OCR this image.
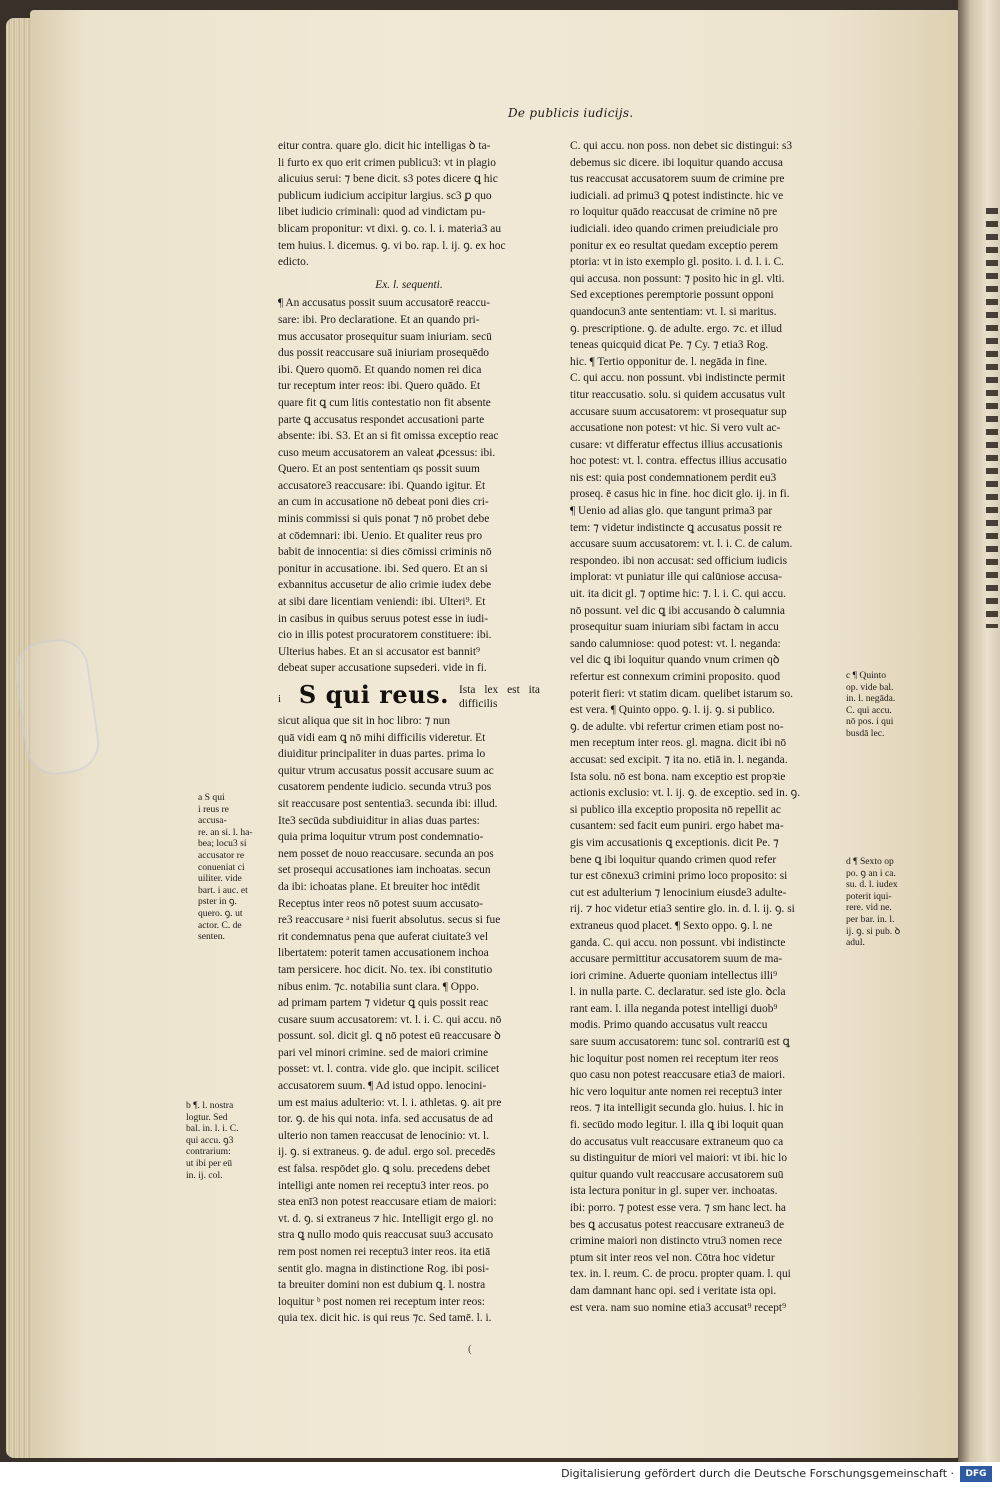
De publicis iudicijs.

eitur contra. quare glo. dicit hic intelligas ꝺ ta-

li furto ex quo erit crimen publicu3: vt in plagio

alicuius serui: ⁊ bene dicit. s3 potes dicere ꝗ hic

publicum iudicium accipitur largius. sc3 ꝑ quo

libet iudicio criminali: quod ad vindictam pu-

blicam proponitur: vt dixi. ꝯ. co. l. i. materia3 au

tem huius. l. dicemus. ꝯ. vi bo. rap. l. ij. ꝯ. ex hoc

edicto.

Ex. l. sequenti.

¶ An accusatus possit suum accusatorē reaccu-

sare: ibi. Pro declaratione. Et an quando pri-

mus accusator prosequitur suam iniuriam. secū

dus possit reaccusare suā iniuriam prosequēdo

ibi. Quero quomō. Et quando nomen rei dica

tur receptum inter reos: ibi. Quero quādo. Et

quare fit ꝗ cum litis contestatio non fit absente

parte ꝗ accusatus respondet accusationi parte

absente: ibi. S3. Et an si fit omissa exceptio reac

cuso meum accusatorem an valeat ꝓcessus: ibi.

Quero. Et an post sententiam qs possit suum

accusatore3 reaccusare: ibi. Quando igitur. Et

an cum in accusatione nō debeat poni dies cri-

minis commissi si quis ponat ⁊ nō probet debe

at cōdemnari: ibi. Uenio. Et qualiter reus pro

babit de innocentia: si dies cōmissi criminis nō

ponitur in accusatione. ibi. Sed quero. Et an si

exbannitus accusetur de alio crimie iudex debe

at sibi dare licentiam veniendi: ibi. Ulteri⁹. Et

in casibus in quibus seruus potest esse in iudi-

cio in illis potest procuratorem constituere: ibi.

Ulterius habes. Et an si accusator est bannit⁹

debeat super accusatione supsederi. vide in fi.

i S qui reus. Ista lex est ita difficilis

sicut aliqua que sit in hoc libro: ⁊ nun

quā vidi eam ꝗ nō mihi difficilis videretur. Et

diuiditur principaliter in duas partes. prima lo

quitur vtrum accusatus possit accusare suum ac

cusatorem pendente iudicio. secunda vtru3 pos

sit reaccusare post sententia3. secunda ibi: illud.

Ite3 secūda subdiuiditur in alias duas partes:

quia prima loquitur vtrum post condemnatio-

nem posset de nouo reaccusare. secunda an pos

set prosequi accusationes iam inchoatas. secun

da ibi: ichoatas plane. Et breuiter hoc intēdit

Receptus inter reos nō potest suum accusato-

re3 reaccusare ᵃ nisi fuerit absolutus. secus si fue

rit condemnatus pena que auferat ciuitate3 vel

libertatem: poterit tamen accusationem inchoa

tam persicere. hoc dicit. No. tex. ibi constitutio

nibus enim. ⁊c. notabilia sunt clara. ¶ Oppo.

ad primam partem ⁊ videtur ꝗ quis possit reac

cusare suum accusatorem: vt. l. i. C. qui accu. nō

possunt. sol. dicit gl. ꝗ nō potest eū reaccusare ꝺ

pari vel minori crimine. sed de maiori crimine

posset: vt. l. contra. vide glo. que incipit. scilicet

accusatorem suum. ¶ Ad istud oppo. lenocini-

um est maius adulterio: vt. l. i. athletas. ꝯ. ait pre

tor. ꝯ. de his qui nota. infa. sed accusatus de ad

ulterio non tamen reaccusat de lenocinio: vt. l.

ij. ꝯ. si extraneus. ꝯ. de adul. ergo sol. precedēs

est falsa. respōdet glo. ꝗ solu. precedens debet

intelligi ante nomen rei receptu3 inter reos. po

stea enī3 non potest reaccusare etiam de maiori:

vt. d. ꝯ. si extraneus ⁊ hic. Intelligit ergo gl. no

stra ꝗ nullo modo quis reaccusat suu3 accusato

rem post nomen rei receptu3 inter reos. ita etiā

sentit glo. magna in distinctione Rog. ibi posi-

ta breuiter domini non est dubium ꝗ. l. nostra

loquitur ᵇ post nomen rei receptum inter reos:

quia tex. dicit hic. is qui reus ⁊c. Sed tamē. l. i.

C. qui accu. non poss. non debet sic distingui: s3

debemus sic dicere. ibi loquitur quando accusa

tus reaccusat accusatorem suum de crimine pre

iudiciali. ad primu3 ꝗ potest indistincte. hic ve

ro loquitur quādo reaccusat de crimine nō pre

iudiciali. ideo quando crimen preiudiciale pro

ponitur ex eo resultat quedam exceptio perem

ptoria: vt in isto exemplo gl. posito. i. d. l. i. C.

qui accusa. non possunt: ⁊ posito hic in gl. vlti.

Sed exceptiones peremptorie possunt opponi

quandocun3 ante sententiam: vt. l. si maritus.

ꝯ. prescriptione. ꝯ. de adulte. ergo. ⁊c. et illud

teneas quicquid dicat Pe. ⁊ Cy. ⁊ etia3 Rog.

hic. ¶ Tertio opponitur de. l. negāda in fine.

C. qui accu. non possunt. vbi indistincte permit

titur reaccusatio. solu. si quidem accusatus vult

accusare suum accusatorem: vt prosequatur sup

accusatione non potest: vt hic. Si vero vult ac-

cusare: vt differatur effectus illius accusationis

hoc potest: vt. l. contra. effectus illius accusatio

nis est: quia post condemnationem perdit eu3

proseq. ē casus hic in fine. hoc dicit glo. ij. in fi.

¶ Uenio ad alias glo. que tangunt prima3 par

tem: ⁊ videtur indistincte ꝗ accusatus possit re

accusare suum accusatorem: vt. l. i. C. de calum.

respondeo. ibi non accusat: sed officium iudicis

implorat: vt puniatur ille qui calūniose accusa-

uit. ita dicit gl. ⁊ optime hic: ⁊. l. i. C. qui accu.

nō possunt. vel dic ꝗ ibi accusando ꝺ calumnia

prosequitur suam iniuriam sibi factam in accu

sando calumniose: quod potest: vt. l. neganda:

vel dic ꝗ ibi loquitur quando vnum crimen qꝺ

refertur est connexum crimini proposito. quod

poterit fieri: vt statim dicam. quelibet istarum so.

est vera. ¶ Quinto oppo. ꝯ. l. ij. ꝯ. si publico.

ꝯ. de adulte. vbi refertur crimen etiam post no-

men receptum inter reos. gl. magna. dicit ibi nō

accusat: sed excipit. ⁊ ita no. etiā in. l. neganda.

Ista solu. nō est bona. nam exceptio est propꝛie

actionis exclusio: vt. l. ij. ꝯ. de exceptio. sed in. ꝯ.

si publico illa exceptio proposita nō repellit ac

cusantem: sed facit eum puniri. ergo habet ma-

gis vim accusationis ꝗ exceptionis. dicit Pe. ⁊

bene ꝗ ibi loquitur quando crimen quod refer

tur est cōnexu3 crimini primo loco proposito: si

cut est adulterium ⁊ lenocinium eiusde3 adulte-

rij. ⁊ hoc videtur etia3 sentire glo. in. d. l. ij. ꝯ. si

extraneus quod placet. ¶ Sexto oppo. ꝯ. l. ne

ganda. C. qui accu. non possunt. vbi indistincte

accusare permittitur accusatorem suum de ma-

iori crimine. Aduerte quoniam intellectus illi⁹

l. in nulla parte. C. declaratur. sed iste glo. ꝺcla

rant eam. l. illa neganda potest intelligi duob⁹

modis. Primo quando accusatus vult reaccu

sare suum accusatorem: tunc sol. contrariū est ꝗ

hic loquitur post nomen rei receptum iter reos

quo casu non potest reaccusare etia3 de maiori.

hic vero loquitur ante nomen rei receptu3 inter

reos. ⁊ ita intelligit secunda glo. huius. l. hic in

fi. secūdo modo legitur. l. illa ꝗ ibi loquit quan

do accusatus vult reaccusare extraneum quo ca

su distinguitur de miori vel maiori: vt ibi. hic lo

quitur quando vult reaccusare accusatorem suū

ista lectura ponitur in gl. super ver. inchoatas.

ibi: porro. ⁊ potest esse vera. ⁊ sm hanc lect. ha

bes ꝗ accusatus potest reaccusare extraneu3 de

crimine maiori non distincto vtru3 nomen rece

ptum sit inter reos vel non. Cōtra hoc videtur

tex. in. l. reum. C. de procu. propter quam. l. qui

dam damnant hanc opi. sed i veritate ista opi.

est vera. nam suo nomine etia3 accusat⁹ recept⁹

a S qui

i reus re

accusa-

re. an si. l. ha-

bea; locu3 si

accusator re

conueniat ci

uiliter. vide

bart. i auc. et

pster in ꝯ.

quero. ꝯ. ut

actor. C. de

senten.

b ¶. l. nostra

logtur. Sed

bal. in. l. i. C.

qui accu. ꝯ3

contrarium:

ut ibi per eū

in. ij. col.

c ¶ Quinto

op. vide bal.

in. l. negāda.

C. qui accu.

nō pos. i qui

busdā lec.

d ¶ Sexto op

po. ꝯ an i ca.

su. d. l. iudex

poterit iqui-

rere. vid ne.

per bar. in. l.

ij. ꝯ. si pub. ꝺ

adul.

(
Digitalisierung gefördert durch die Deutsche Forschungsgemeinschaft ·	DFG
